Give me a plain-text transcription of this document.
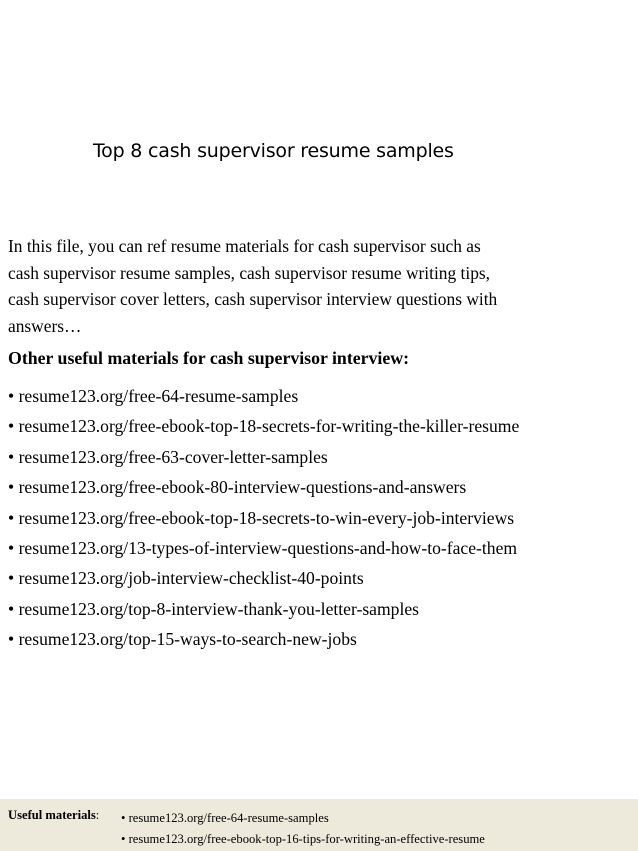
Top 8 cash supervisor resume samples

In this file, you can ref resume materials for cash supervisor such as
cash supervisor resume samples, cash supervisor resume writing tips,
cash supervisor cover letters, cash supervisor interview questions with
answers…

Other useful materials for cash supervisor interview:
• resume123.org/free-64-resume-samples
• resume123.org/free-ebook-top-18-secrets-for-writing-the-killer-resume
• resume123.org/free-63-cover-letter-samples
• resume123.org/free-ebook-80-interview-questions-and-answers
• resume123.org/free-ebook-top-18-secrets-to-win-every-job-interviews
• resume123.org/13-types-of-interview-questions-and-how-to-face-them
• resume123.org/job-interview-checklist-40-points
• resume123.org/top-8-interview-thank-you-letter-samples
• resume123.org/top-15-ways-to-search-new-jobs
Useful materials: • resume123.org/free-64-resume-samples
• resume123.org/free-ebook-top-16-tips-for-writing-an-effective-resume
